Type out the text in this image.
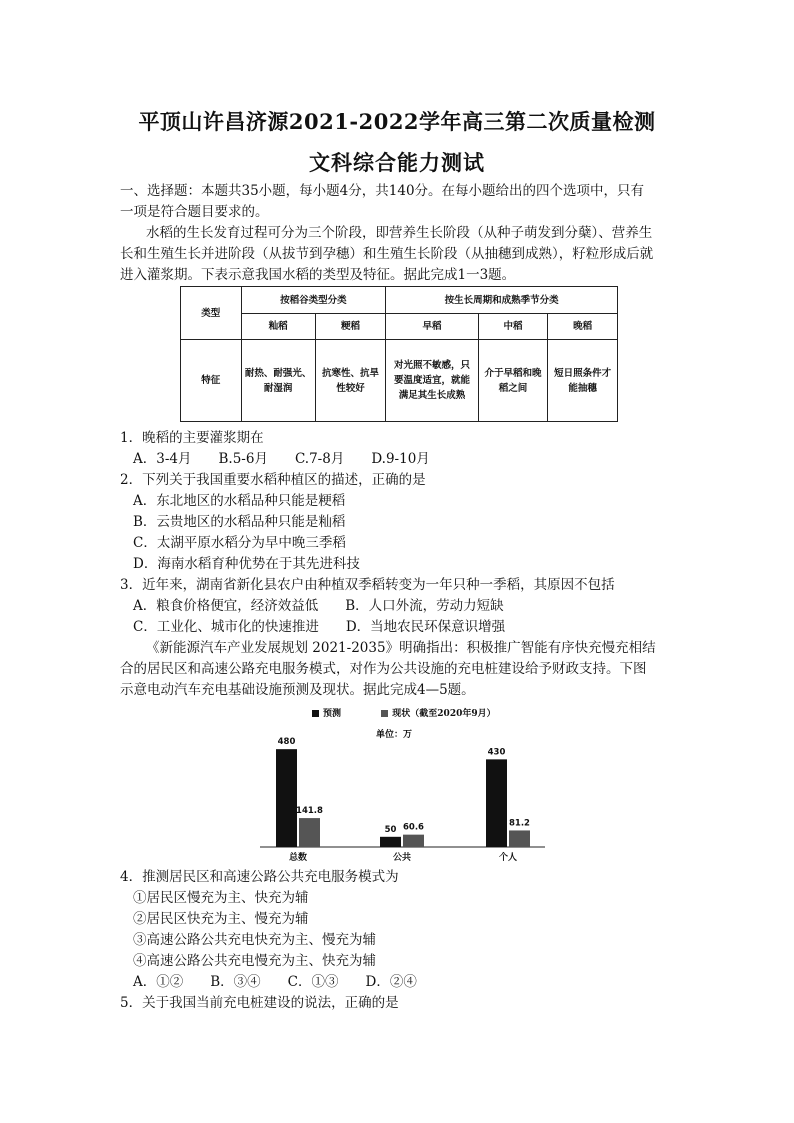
平顶山许昌济源2021-2022学年高三第二次质量检测
文科综合能力测试
一、选择题：本题共35小题，每小题4分，共140分。在每小题给出的四个选项中，只有
一项是符合题目要求的。
水稻的生长发育过程可分为三个阶段，即营养生长阶段（从种子萌发到分蘖）、营养生
长和生殖生长并进阶段（从拔节到孕穗）和生殖生长阶段（从抽穗到成熟），籽粒形成后就
进入灌浆期。下表示意我国水稻的类型及特征。据此完成1一3题。
类型	按稻谷类型分类		按生长周期和成熟季节分类		
	籼稻	粳稻	早稻	中稻	晚稻
特征	耐热、耐强光、耐湿润	抗寒性、抗旱性较好	对光照不敏感，只要温度适宜，就能满足其生长成熟	介于早稻和晚稻之间	短日照条件才能抽穗
1．晚稻的主要灌浆期在
A．3-4月　　B.5-6月　　C.7-8月　　D.9-10月
2．下列关于我国重要水稻种植区的描述，正确的是
A．东北地区的水稻品种只能是粳稻
B．云贵地区的水稻品种只能是籼稻
C．太湖平原水稻分为早中晚三季稻
D．海南水稻育种优势在于其先进科技
3．近年来，湖南省新化县农户由种植双季稻转变为一年只种一季稻，其原因不包括
A．粮食价格便宜，经济效益低　　B．人口外流，劳动力短缺
C．工业化、城市化的快速推进　　D．当地农民环保意识增强
《新能源汽车产业发展规划 2021-2035》明确指出：积极推广智能有序快充慢充相结
合的居民区和高速公路充电服务模式，对作为公共设施的充电桩建设给予财政支持。下图
示意电动汽车充电基础设施预测及现状。据此完成4—5题。
预测	现状（截至2020年9月）
单位：万
480
141.8
总数
50 60.6
公共
430
81.2
个人
4．推测居民区和高速公路公共充电服务模式为
①居民区慢充为主、快充为辅
②居民区快充为主、慢充为辅
③高速公路公共充电快充为主、慢充为辅
④高速公路公共充电慢充为主、快充为辅
A．①②　　B．③④　　C．①③　　D．②④
5．关于我国当前充电桩建设的说法，正确的是
